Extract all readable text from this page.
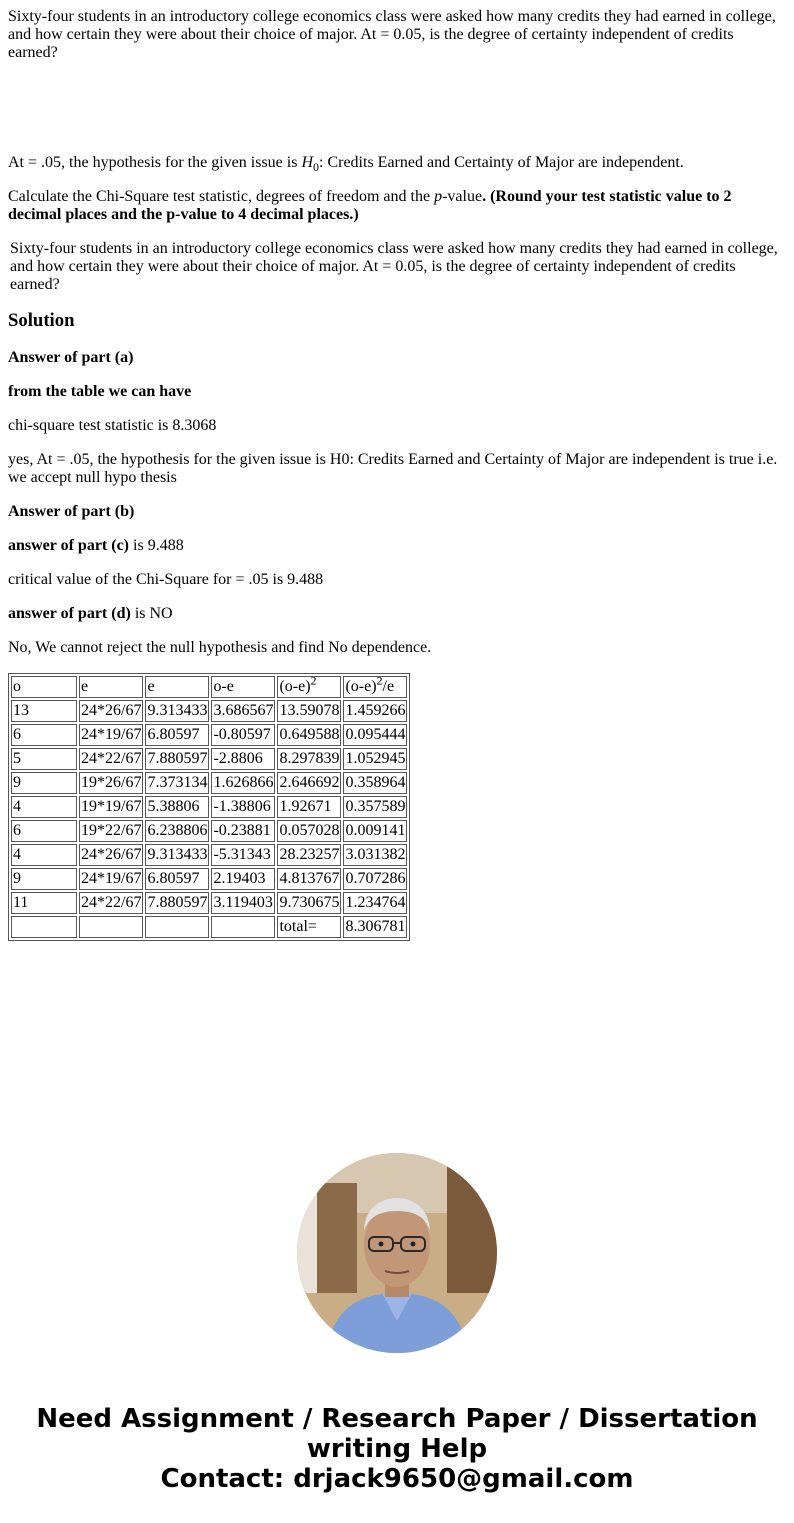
Sixty-four students in an introductory college economics class were asked how many credits they had earned in college, and how certain they were about their choice of major. At = 0.05, is the degree of certainty independent of credits earned?

At = .05, the hypothesis for the given issue is $H_0$: Credits Earned and Certainty of Major are independent.

Calculate the Chi-Square test statistic, degrees of freedom and the p-value. (Round your test statistic value to 2 decimal places and the p-value to 4 decimal places.)

Sixty-four students in an introductory college economics class were asked how many credits they had earned in college, and how certain they were about their choice of major. At = 0.05, is the degree of certainty independent of credits earned?

Solution

Answer of part (a)

from the table we can have

chi-square test statistic is 8.3068

yes, At = .05, the hypothesis for the given issue is H0: Credits Earned and Certainty of Major are independent is true i.e. we accept null hypo thesis

Answer of part (b)

answer of part (c) is 9.488

critical value of the Chi-Square for = .05 is 9.488

answer of part (d) is NO

No, We cannot reject the null hypothesis and find No dependence.

o	e	e	o-e	$(o-e)^2$	$(o-e)^2/e$
13	24*26/67	9.313433	3.686567	13.59078	1.459266
6	24*19/67	6.80597	-0.80597	0.649588	0.095444
5	24*22/67	7.880597	-2.8806	8.297839	1.052945
9	19*26/67	7.373134	1.626866	2.646692	0.358964
4	19*19/67	5.38806	-1.38806	1.92671	0.357589
6	19*22/67	6.238806	-0.23881	0.057028	0.009141
4	24*26/67	9.313433	-5.31343	28.23257	3.031382
9	24*19/67	6.80597	2.19403	4.813767	0.707286
11	24*22/67	7.880597	3.119403	9.730675	1.234764
				total=	8.306781
Need Assignment / Research Paper / Dissertation
writing Help
Contact: drjack9650@gmail.com
